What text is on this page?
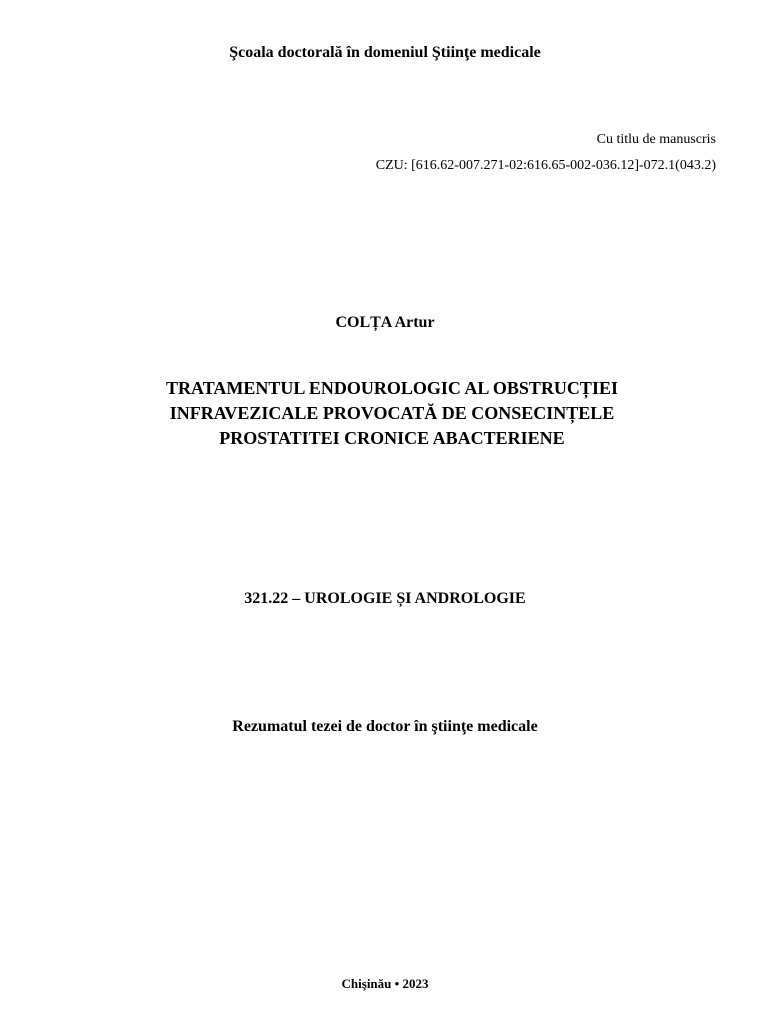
Şcoala doctorală în domeniul Ştiinţe medicale
Cu titlu de manuscris
CZU: [616.62-007.271-02:616.65-002-036.12]-072.1(043.2)
COLȚA Artur
TRATAMENTUL ENDOUROLOGIC AL OBSTRUCȚIEI
INFRAVEZICALE PROVOCATĂ DE CONSECINȚELE
PROSTATITEI CRONICE ABACTERIENE
321.22 – UROLOGIE ȘI ANDROLOGIE
Rezumatul tezei de doctor în ştiinţe medicale
Chişinău • 2023
